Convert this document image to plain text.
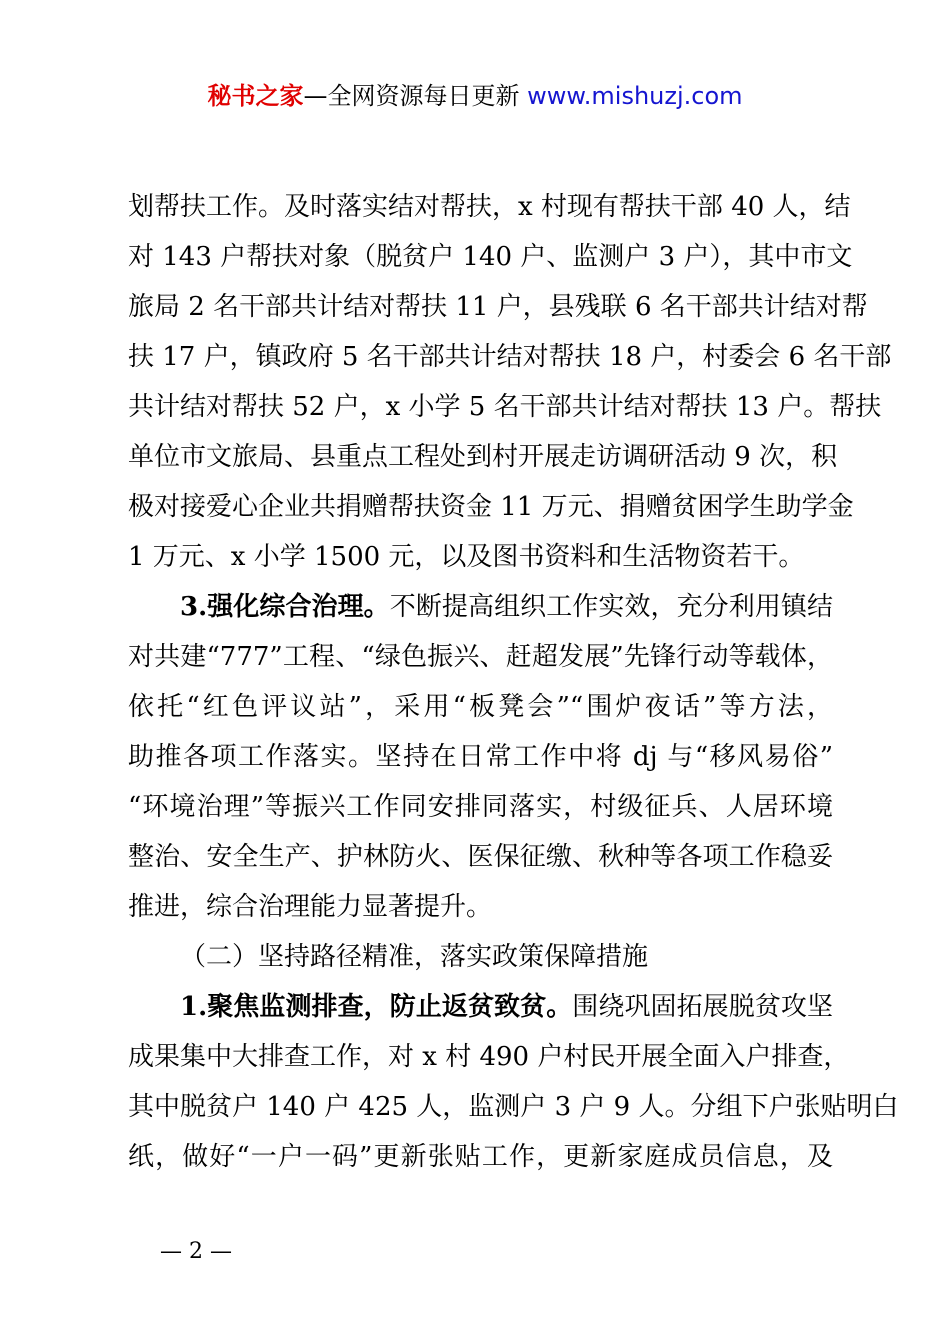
秘书之家—全网资源每日更新 www.mishuzj.com
划帮扶工作。及时落实结对帮扶，x 村现有帮扶干部 40 人，结
对 143 户帮扶对象（脱贫户 140 户、监测户 3 户），其中市文
旅局 2 名干部共计结对帮扶 11 户，县残联 6 名干部共计结对帮
扶 17 户，镇政府 5 名干部共计结对帮扶 18 户，村委会 6 名干部
共计结对帮扶 52 户，x 小学 5 名干部共计结对帮扶 13 户。帮扶
单位市文旅局、县重点工程处到村开展走访调研活动 9 次，积
极对接爱心企业共捐赠帮扶资金 11 万元、捐赠贫困学生助学金
1 万元、x 小学 1500 元，以及图书资料和生活物资若干。
3.强化综合治理。不断提高组织工作实效，充分利用镇结
对共建“777”工程、“绿色振兴、赶超发展”先锋行动等载体，
依托“红色评议站”，采用“板凳会”“围炉夜话”等方法，
助推各项工作落实。坚持在日常工作中将 dj 与“移风易俗”
“环境治理”等振兴工作同安排同落实，村级征兵、人居环境
整治、安全生产、护林防火、医保征缴、秋种等各项工作稳妥
推进，综合治理能力显著提升。
（二）坚持路径精准，落实政策保障措施
1.聚焦监测排查，防止返贫致贫。围绕巩固拓展脱贫攻坚
成果集中大排查工作，对 x 村 490 户村民开展全面入户排查，
其中脱贫户 140 户 425 人，监测户 3 户 9 人。分组下户张贴明白
纸，做好“一户一码”更新张贴工作，更新家庭成员信息，及
— 2 —
